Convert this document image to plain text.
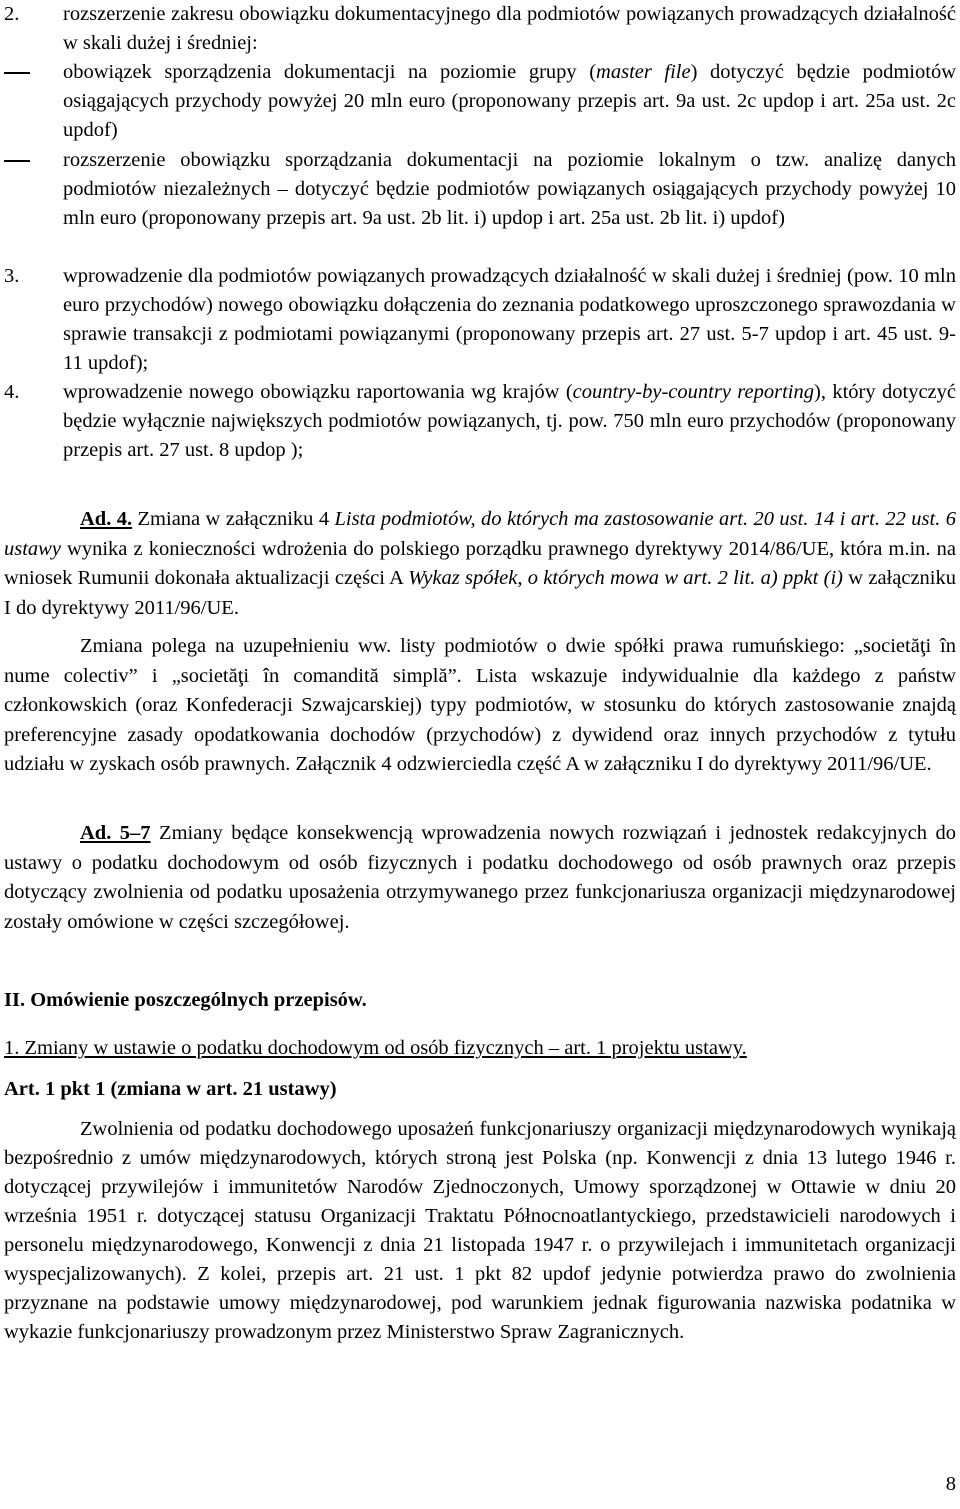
2. rozszerzenie zakresu obowiązku dokumentacyjnego dla podmiotów powiązanych prowadzących działalność w skali dużej i średniej:
obowiązek sporządzenia dokumentacji na poziomie grupy (master file) dotyczyć będzie podmiotów osiągających przychody powyżej 20 mln euro (proponowany przepis art. 9a ust. 2c updop i art. 25a ust. 2c updof)
rozszerzenie obowiązku sporządzania dokumentacji na poziomie lokalnym o tzw. analizę danych podmiotów niezależnych – dotyczyć będzie podmiotów powiązanych osiągających przychody powyżej 10 mln euro (proponowany przepis art. 9a ust. 2b lit. i) updop i art. 25a ust. 2b lit. i) updof)
3. wprowadzenie dla podmiotów powiązanych prowadzących działalność w skali dużej i średniej (pow. 10 mln euro przychodów) nowego obowiązku dołączenia do zeznania podatkowego uproszczonego sprawozdania w sprawie transakcji z podmiotami powiązanymi (proponowany przepis art. 27 ust. 5-7 updop i art. 45 ust. 9-11 updof);
4. wprowadzenie nowego obowiązku raportowania wg krajów (country-by-country reporting), który dotyczyć będzie wyłącznie największych podmiotów powiązanych, tj. pow. 750 mln euro przychodów (proponowany przepis art. 27 ust. 8 updop );
Ad. 4. Zmiana w załączniku 4 Lista podmiotów, do których ma zastosowanie art. 20 ust. 14 i art. 22 ust. 6 ustawy wynika z konieczności wdrożenia do polskiego porządku prawnego dyrektywy 2014/86/UE, która m.in. na wniosek Rumunii dokonała aktualizacji części A Wykaz spółek, o których mowa w art. 2 lit. a) ppkt (i) w załączniku I do dyrektywy 2011/96/UE.
Zmiana polega na uzupełnieniu ww. listy podmiotów o dwie spółki prawa rumuńskiego: „societăţi în nume colectiv” i „societăţi în comandită simplă”. Lista wskazuje indywidualnie dla każdego z państw członkowskich (oraz Konfederacji Szwajcarskiej) typy podmiotów, w stosunku do których zastosowanie znajdą preferencyjne zasady opodatkowania dochodów (przychodów) z dywidend oraz innych przychodów z tytułu udziału w zyskach osób prawnych. Załącznik 4 odzwierciedla część A w załączniku I do dyrektywy 2011/96/UE.
Ad. 5–7 Zmiany będące konsekwencją wprowadzenia nowych rozwiązań i jednostek redakcyjnych do ustawy o podatku dochodowym od osób fizycznych i podatku dochodowego od osób prawnych oraz przepis dotyczący zwolnienia od podatku uposażenia otrzymywanego przez funkcjonariusza organizacji międzynarodowej zostały omówione w części szczegółowej.
II. Omówienie poszczególnych przepisów.
1. Zmiany w ustawie o podatku dochodowym od osób fizycznych – art. 1 projektu ustawy.
Art. 1 pkt 1 (zmiana w art. 21 ustawy)
Zwolnienia od podatku dochodowego uposażeń funkcjonariuszy organizacji międzynarodowych wynikają bezpośrednio z umów międzynarodowych, których stroną jest Polska (np. Konwencji z dnia 13 lutego 1946 r. dotyczącej przywilejów i immunitetów Narodów Zjednoczonych, Umowy sporządzonej w Ottawie w dniu 20 września 1951 r. dotyczącej statusu Organizacji Traktatu Północnoatlantyckiego, przedstawicieli narodowych i personelu międzynarodowego, Konwencji z dnia 21 listopada 1947 r. o przywilejach i immunitetach organizacji wyspecjalizowanych). Z kolei, przepis art. 21 ust. 1 pkt 82 updof jedynie potwierdza prawo do zwolnienia przyznane na podstawie umowy międzynarodowej, pod warunkiem jednak figurowania nazwiska podatnika w wykazie funkcjonariuszy prowadzonym przez Ministerstwo Spraw Zagranicznych.
8
